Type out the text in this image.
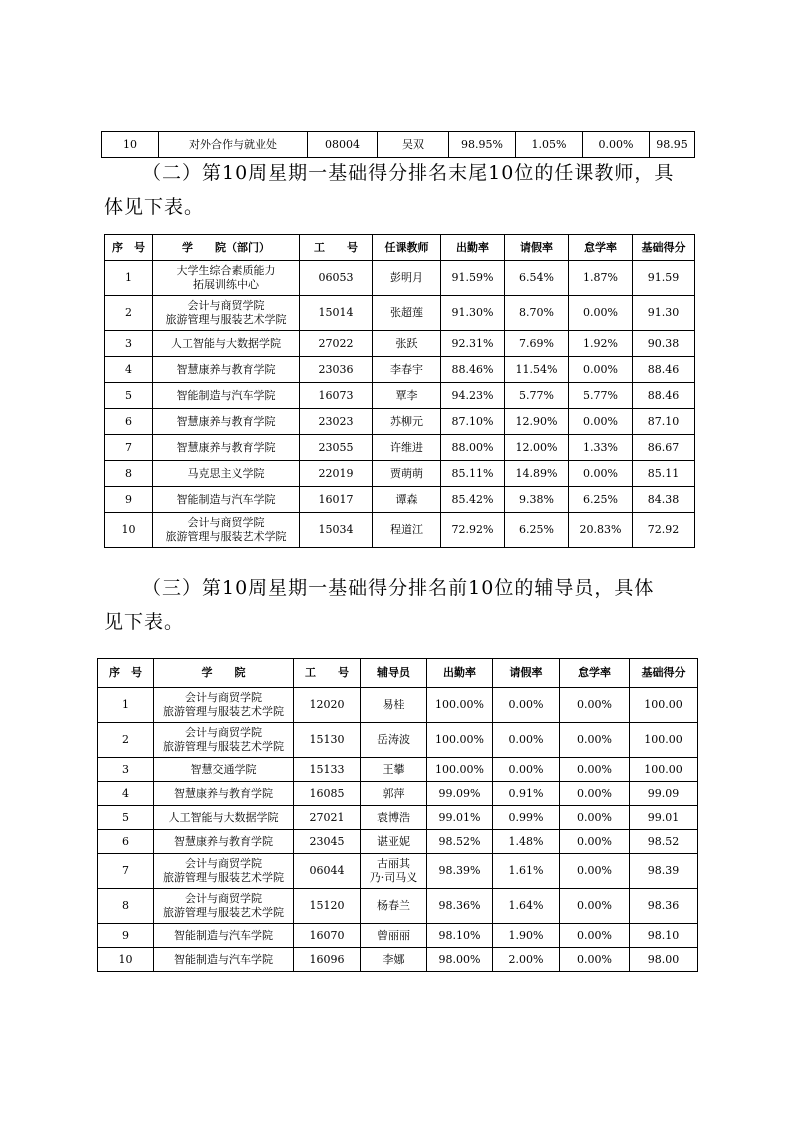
10	对外合作与就业处	08004	吴双	98.95%	1.05%	0.00%	98.95
（二）第10周星期一基础得分排名末尾10位的任课教师，具
体见下表。
序　号	学　　院（部门）	工　　号	任课教师	出勤率	请假率	怠学率	基础得分
1	大学生综合素质能力
拓展训练中心	06053	彭明月	91.59%	6.54%	1.87%	91.59
2	会计与商贸学院
旅游管理与服装艺术学院	15014	张超莲	91.30%	8.70%	0.00%	91.30
3	人工智能与大数据学院	27022	张跃	92.31%	7.69%	1.92%	90.38
4	智慧康养与教育学院	23036	李春宇	88.46%	11.54%	0.00%	88.46
5	智能制造与汽车学院	16073	覃李	94.23%	5.77%	5.77%	88.46
6	智慧康养与教育学院	23023	苏柳元	87.10%	12.90%	0.00%	87.10
7	智慧康养与教育学院	23055	许维进	88.00%	12.00%	1.33%	86.67
8	马克思主义学院	22019	贾萌萌	85.11%	14.89%	0.00%	85.11
9	智能制造与汽车学院	16017	谭森	85.42%	9.38%	6.25%	84.38
10	会计与商贸学院
旅游管理与服装艺术学院	15034	程道江	72.92%	6.25%	20.83%	72.92
（三）第10周星期一基础得分排名前10位的辅导员，具体
见下表。
序　号	学　　院	工　　号	辅导员	出勤率	请假率	怠学率	基础得分
1	会计与商贸学院
旅游管理与服装艺术学院	12020	易桂	100.00%	0.00%	0.00%	100.00
2	会计与商贸学院
旅游管理与服装艺术学院	15130	岳涛波	100.00%	0.00%	0.00%	100.00
3	智慧交通学院	15133	王攀	100.00%	0.00%	0.00%	100.00
4	智慧康养与教育学院	16085	郭萍	99.09%	0.91%	0.00%	99.09
5	人工智能与大数据学院	27021	袁博浩	99.01%	0.99%	0.00%	99.01
6	智慧康养与教育学院	23045	谌亚妮	98.52%	1.48%	0.00%	98.52
7	会计与商贸学院
旅游管理与服装艺术学院	06044	古丽其
乃·司马义	98.39%	1.61%	0.00%	98.39
8	会计与商贸学院
旅游管理与服装艺术学院	15120	杨春兰	98.36%	1.64%	0.00%	98.36
9	智能制造与汽车学院	16070	曾丽丽	98.10%	1.90%	0.00%	98.10
10	智能制造与汽车学院	16096	李娜	98.00%	2.00%	0.00%	98.00
